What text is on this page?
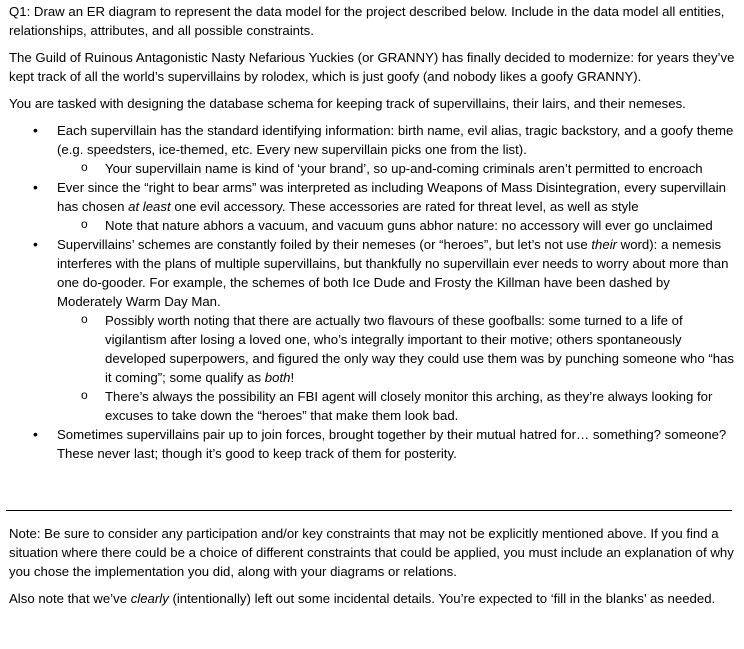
Q1: Draw an ER diagram to represent the data model for the project described below. Include in the data model all entities, relationships, attributes, and all possible constraints.

The Guild of Ruinous Antagonistic Nasty Nefarious Yuckies (or GRANNY) has finally decided to modernize: for years they’ve kept track of all the world’s supervillains by rolodex, which is just goofy (and nobody likes a goofy GRANNY).

You are tasked with designing the database schema for keeping track of supervillains, their lairs, and their nemeses.

• Each supervillain has the standard identifying information: birth name, evil alias, tragic backstory, and a goofy theme (e.g. speedsters, ice-themed, etc. Every new supervillain picks one from the list).
o Your supervillain name is kind of ‘your brand’, so up-and-coming criminals aren’t permitted to encroach
• Ever since the “right to bear arms” was interpreted as including Weapons of Mass Disintegration, every supervillain has chosen at least one evil accessory. These accessories are rated for threat level, as well as style
o Note that nature abhors a vacuum, and vacuum guns abhor nature: no accessory will ever go unclaimed
• Supervillains’ schemes are constantly foiled by their nemeses (or “heroes”, but let’s not use their word): a nemesis interferes with the plans of multiple supervillains, but thankfully no supervillain ever needs to worry about more than one do-gooder. For example, the schemes of both Ice Dude and Frosty the Killman have been dashed by Moderately Warm Day Man.
o Possibly worth noting that there are actually two flavours of these goofballs: some turned to a life of vigilantism after losing a loved one, who’s integrally important to their motive; others spontaneously developed superpowers, and figured the only way they could use them was by punching someone who “has it coming”; some qualify as both!
o There’s always the possibility an FBI agent will closely monitor this arching, as they’re always looking for excuses to take down the “heroes” that make them look bad.
• Sometimes supervillains pair up to join forces, brought together by their mutual hatred for… something? someone? These never last; though it’s good to keep track of them for posterity.

Note: Be sure to consider any participation and/or key constraints that may not be explicitly mentioned above. If you find a situation where there could be a choice of different constraints that could be applied, you must include an explanation of why you chose the implementation you did, along with your diagrams or relations.

Also note that we’ve clearly (intentionally) left out some incidental details. You’re expected to ‘fill in the blanks’ as needed.
